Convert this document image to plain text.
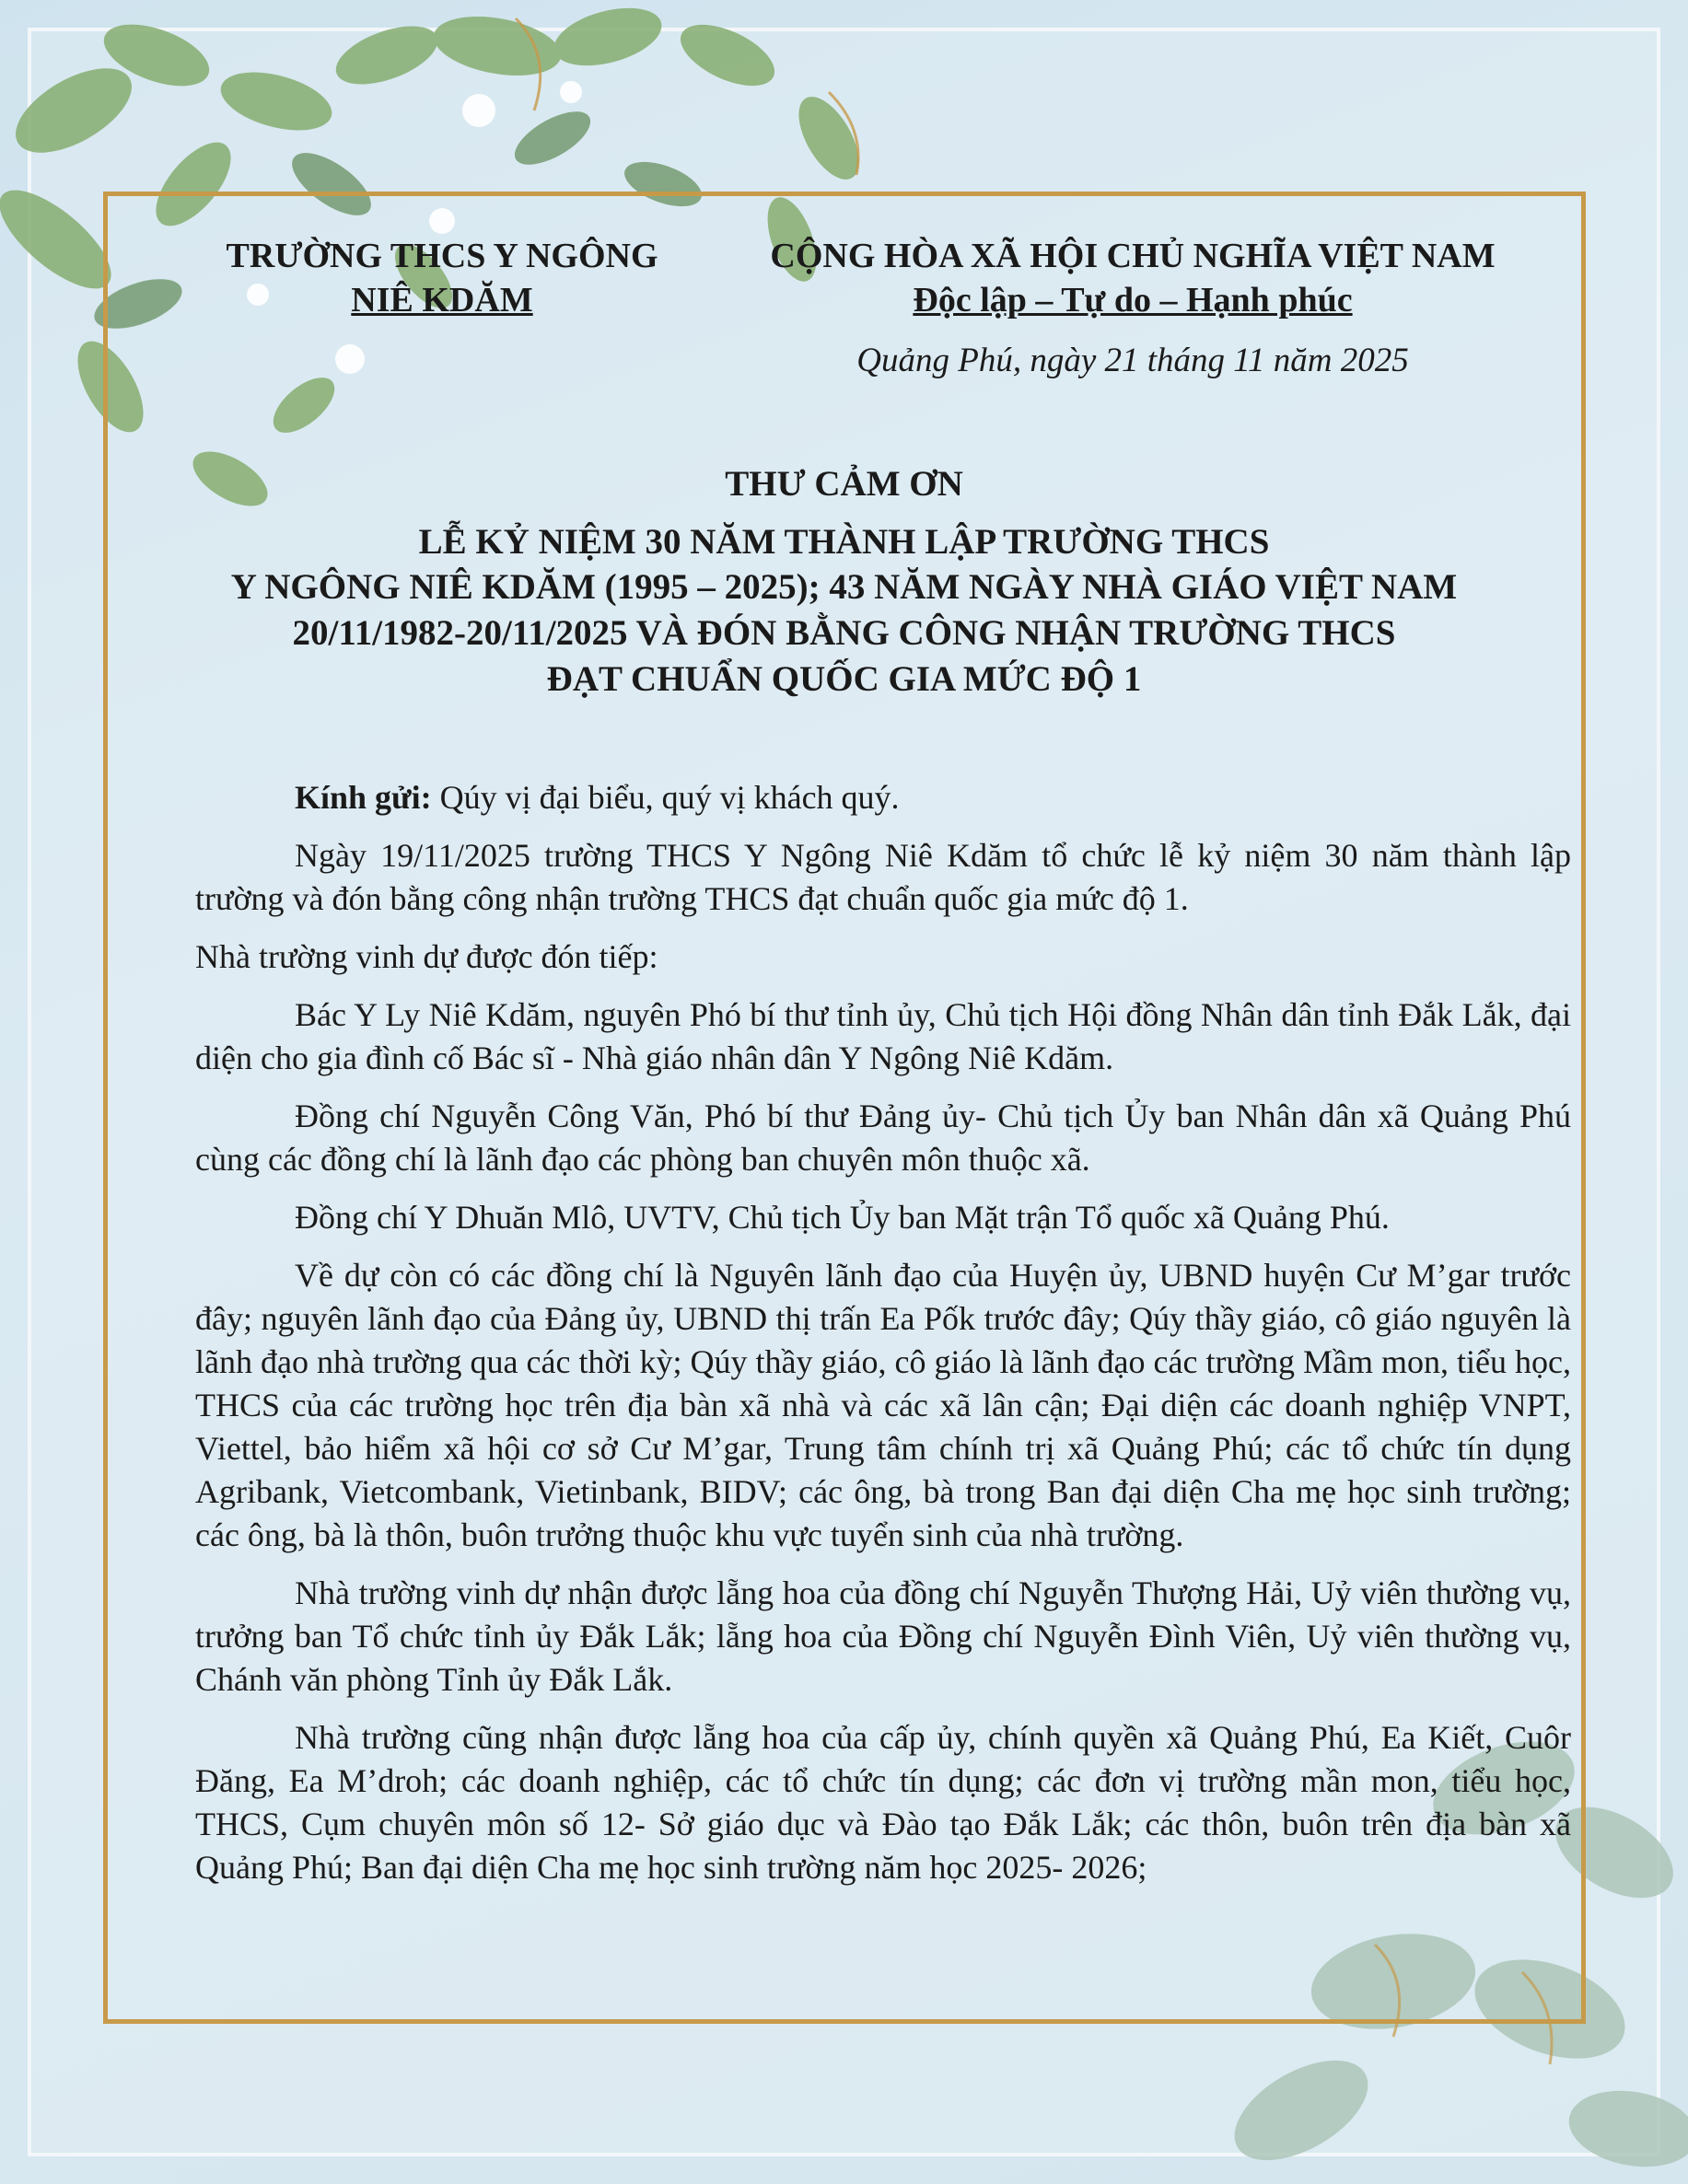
TRƯỜNG THCS Y NGÔNG
NIÊ KDĂM
CỘNG HÒA XÃ HỘI CHỦ NGHĨA VIỆT NAM
Độc lập – Tự do – Hạnh phúc
Quảng Phú, ngày 21 tháng 11 năm 2025
THƯ CẢM ƠN
LỄ KỶ NIỆM 30 NĂM THÀNH LẬP TRƯỜNG THCS
Y NGÔNG NIÊ KDĂM (1995 – 2025); 43 NĂM NGÀY NHÀ GIÁO VIỆT NAM
20/11/1982-20/11/2025 VÀ ĐÓN BẰNG CÔNG NHẬN TRƯỜNG THCS
ĐẠT CHUẨN QUỐC GIA MỨC ĐỘ 1

Kính gửi: Qúy vị đại biểu, quý vị khách quý.

Ngày 19/11/2025 trường THCS Y Ngông Niê Kdăm tổ chức lễ kỷ niệm 30 năm thành lập trường và đón bằng công nhận trường THCS đạt chuẩn quốc gia mức độ 1.

Nhà trường vinh dự được đón tiếp:

Bác Y Ly Niê Kdăm, nguyên Phó bí thư tỉnh ủy, Chủ tịch Hội đồng Nhân dân tỉnh Đắk Lắk, đại diện cho gia đình cố Bác sĩ - Nhà giáo nhân dân Y Ngông Niê Kdăm.

Đồng chí Nguyễn Công Văn, Phó bí thư Đảng ủy- Chủ tịch Ủy ban Nhân dân xã Quảng Phú cùng các đồng chí là lãnh đạo các phòng ban chuyên môn thuộc xã.

Đồng chí Y Dhuăn Mlô, UVTV, Chủ tịch Ủy ban Mặt trận Tổ quốc xã Quảng Phú.

Về dự còn có các đồng chí là Nguyên lãnh đạo của Huyện ủy, UBND huyện Cư M’gar trước đây; nguyên lãnh đạo của Đảng ủy, UBND thị trấn Ea Pốk trước đây; Qúy thầy giáo, cô giáo nguyên là lãnh đạo nhà trường qua các thời kỳ; Qúy thầy giáo, cô giáo là lãnh đạo các trường Mầm mon, tiểu học, THCS của các trường học trên địa bàn xã nhà và các xã lân cận; Đại diện các doanh nghiệp VNPT, Viettel, bảo hiểm xã hội cơ sở Cư M’gar, Trung tâm chính trị xã Quảng Phú; các tổ chức tín dụng Agribank, Vietcombank, Vietinbank, BIDV; các ông, bà trong Ban đại diện Cha mẹ học sinh trường; các ông, bà là thôn, buôn trưởng thuộc khu vực tuyển sinh của nhà trường.

Nhà trường vinh dự nhận được lẵng hoa của đồng chí Nguyễn Thượng Hải, Uỷ viên thường vụ, trưởng ban Tổ chức tỉnh ủy Đắk Lắk; lẵng hoa của Đồng chí Nguyễn Đình Viên, Uỷ viên thường vụ, Chánh văn phòng Tỉnh ủy Đắk Lắk.

Nhà trường cũng nhận được lẵng hoa của cấp ủy, chính quyền xã Quảng Phú, Ea Kiết, Cuôr Đăng, Ea M’droh; các doanh nghiệp, các tổ chức tín dụng; các đơn vị trường mần mon, tiểu học, THCS, Cụm chuyên môn số 12- Sở giáo dục và Đào tạo Đắk Lắk; các thôn, buôn trên địa bàn xã Quảng Phú; Ban đại diện Cha mẹ học sinh trường năm học 2025- 2026;
